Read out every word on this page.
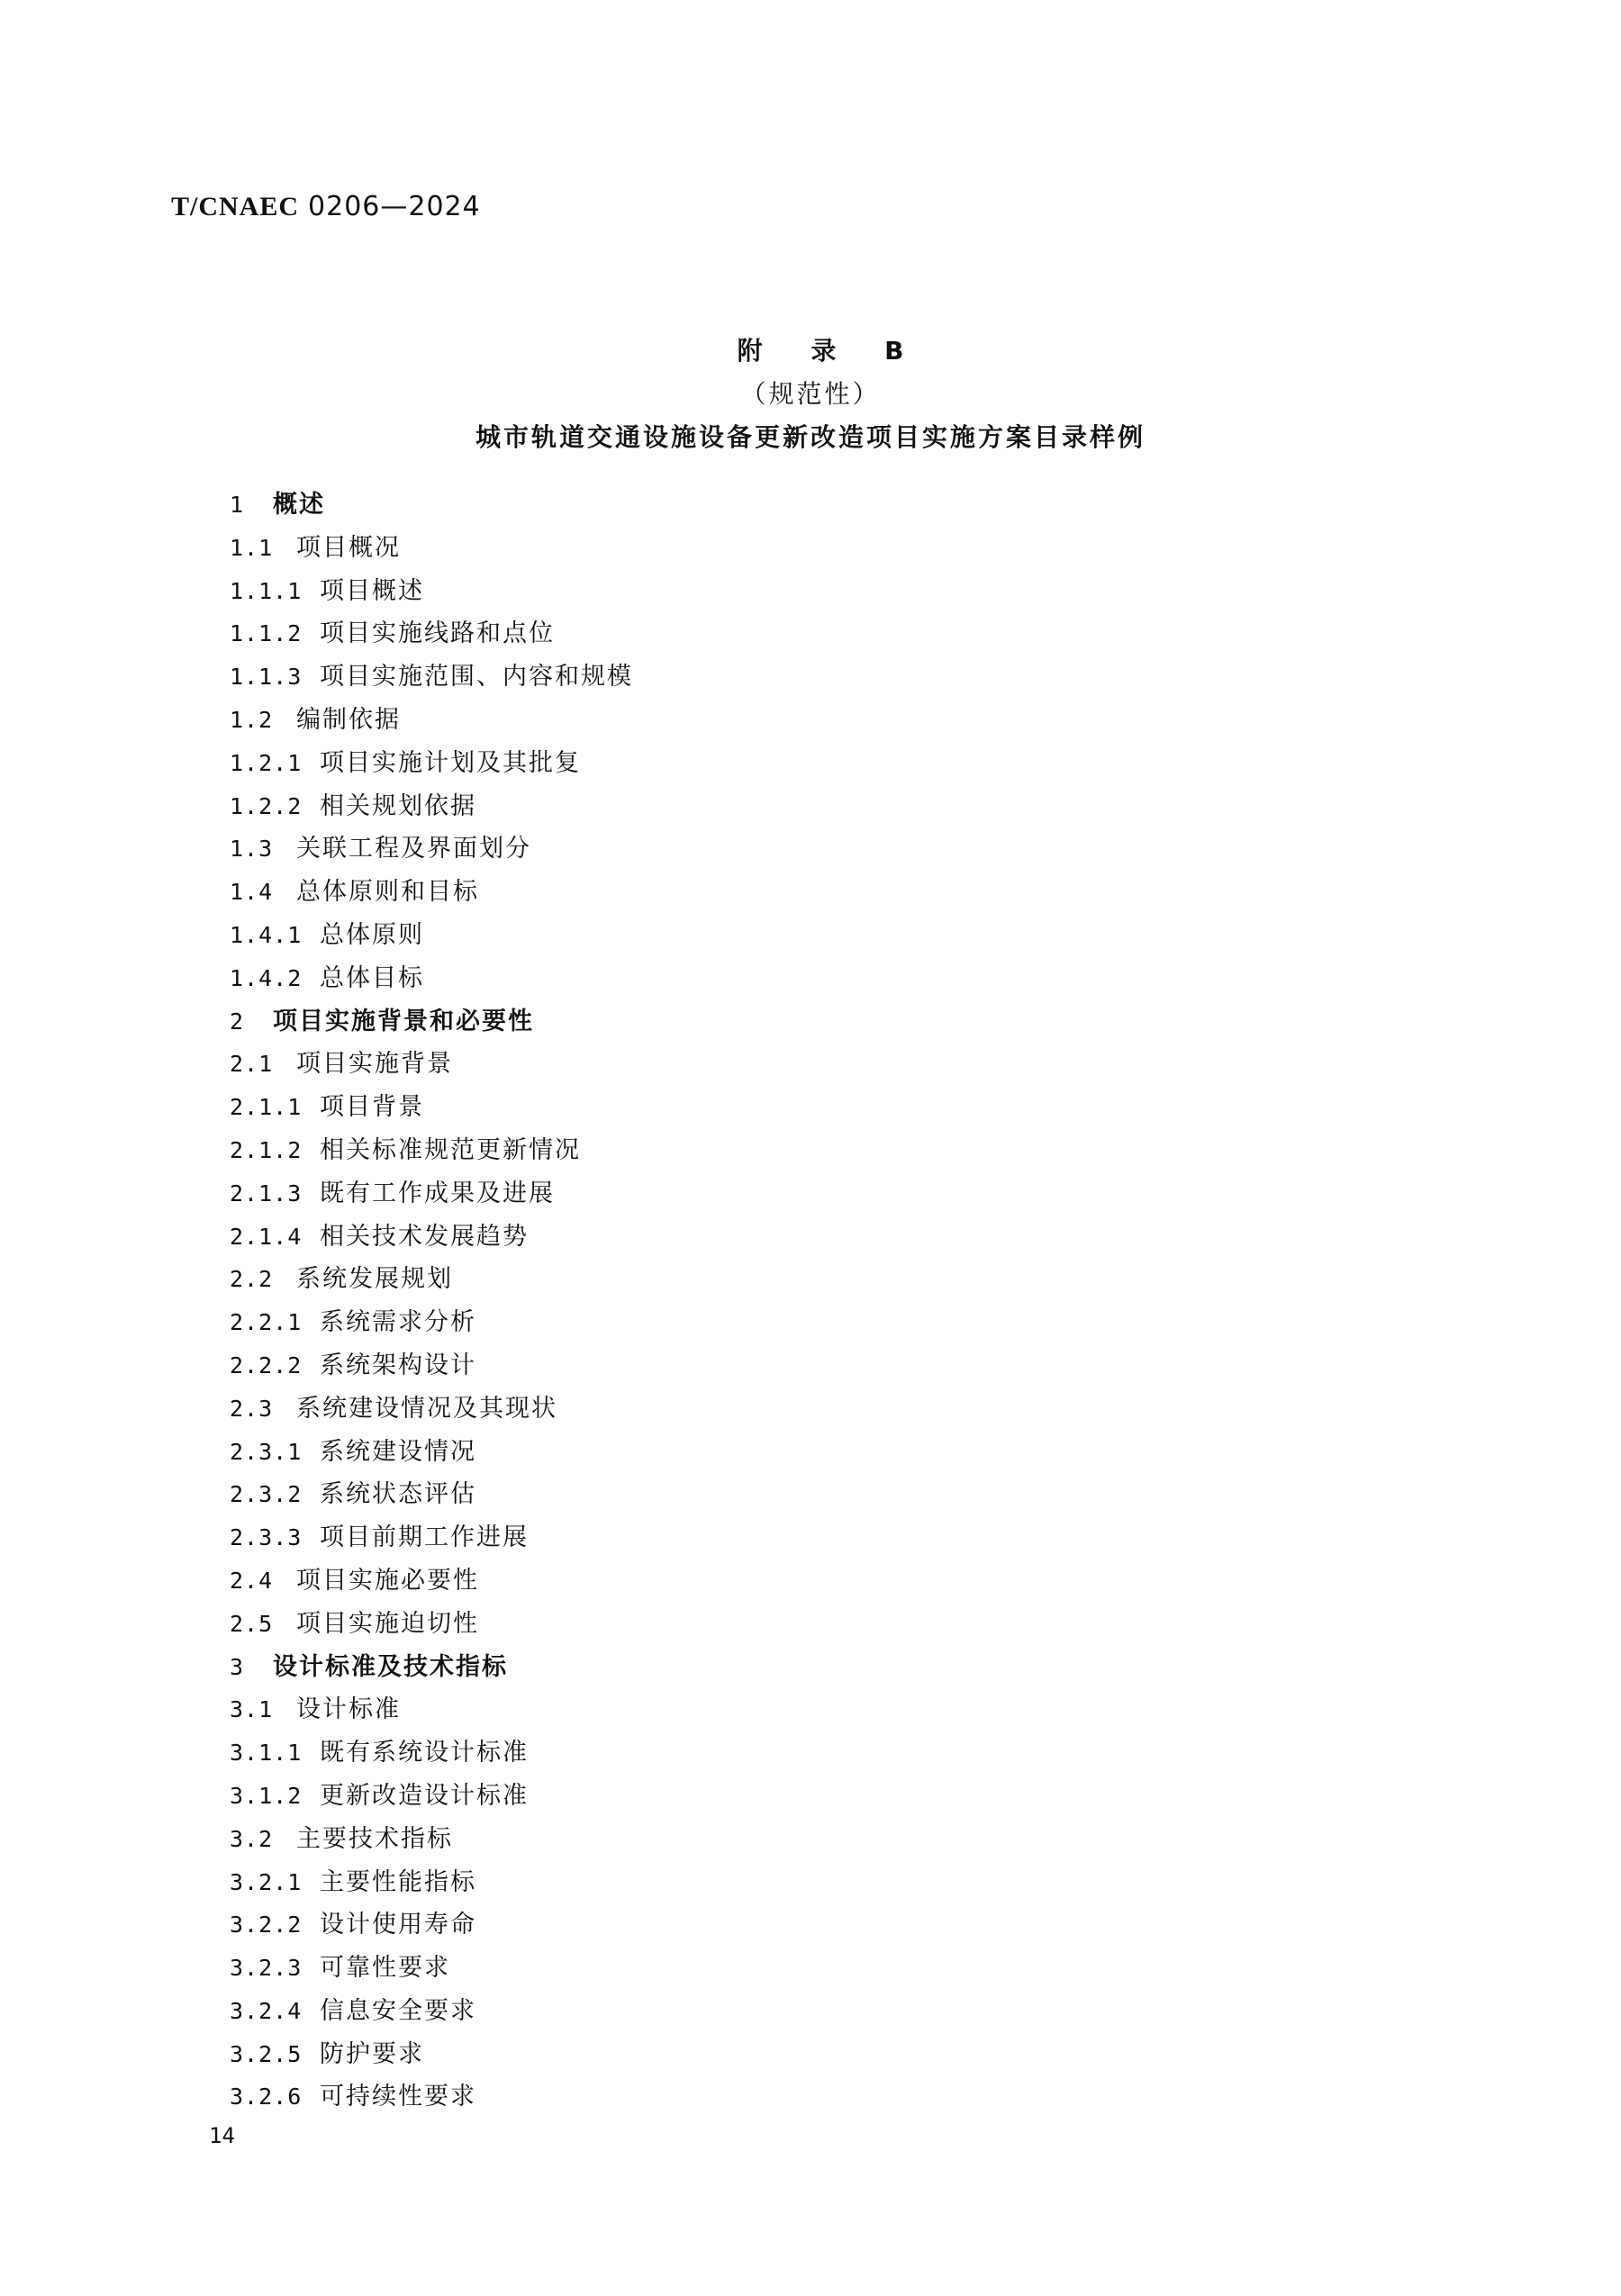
T/CNAEC 0206—2024
附 录 B
（规范性）
城市轨道交通设施设备更新改造项目实施方案目录样例
1 概述
1.1 项目概况
1.1.1 项目概述
1.1.2 项目实施线路和点位
1.1.3 项目实施范围、内容和规模
1.2 编制依据
1.2.1 项目实施计划及其批复
1.2.2 相关规划依据
1.3 关联工程及界面划分
1.4 总体原则和目标
1.4.1 总体原则
1.4.2 总体目标
2 项目实施背景和必要性
2.1 项目实施背景
2.1.1 项目背景
2.1.2 相关标准规范更新情况
2.1.3 既有工作成果及进展
2.1.4 相关技术发展趋势
2.2 系统发展规划
2.2.1 系统需求分析
2.2.2 系统架构设计
2.3 系统建设情况及其现状
2.3.1 系统建设情况
2.3.2 系统状态评估
2.3.3 项目前期工作进展
2.4 项目实施必要性
2.5 项目实施迫切性
3 设计标准及技术指标
3.1 设计标准
3.1.1 既有系统设计标准
3.1.2 更新改造设计标准
3.2 主要技术指标
3.2.1 主要性能指标
3.2.2 设计使用寿命
3.2.3 可靠性要求
3.2.4 信息安全要求
3.2.5 防护要求
3.2.6 可持续性要求
14
